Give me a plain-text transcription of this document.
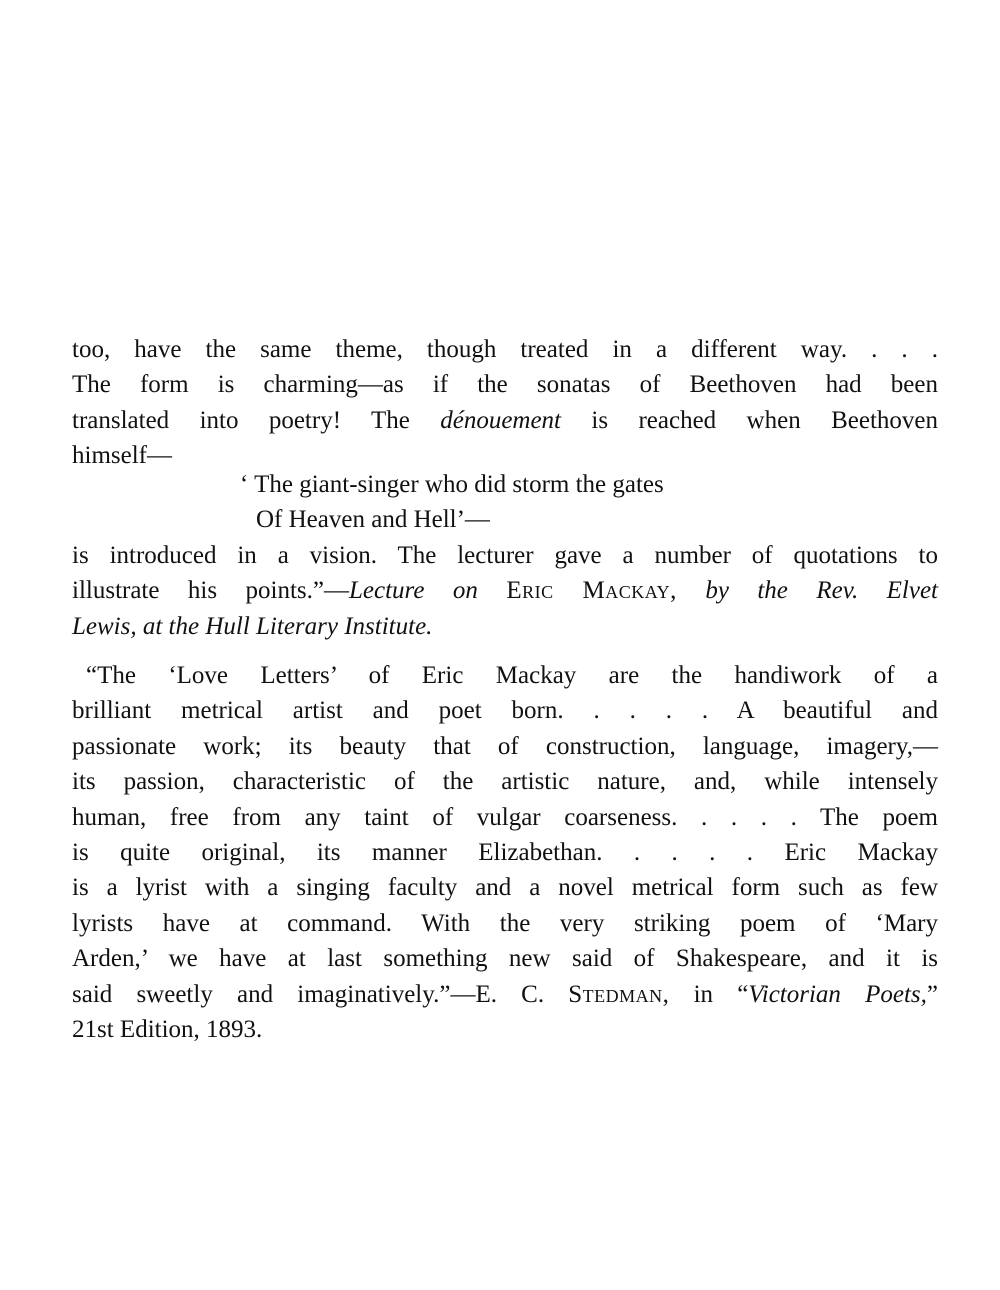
too, have the same theme, though treated in a different way. . . .
The form is charming—as if the sonatas of Beethoven had been
translated into poetry! The dénouement is reached when Beethoven
himself—
‘ The giant-singer who did storm the gates
Of Heaven and Hell’—
is introduced in a vision. The lecturer gave a number of quotations to
illustrate his points.”—Lecture on Eric Mackay, by the Rev. Elvet
Lewis, at the Hull Literary Institute.
“The ‘Love Letters’ of Eric Mackay are the handiwork of a
brilliant metrical artist and poet born. . . . . A beautiful and
passionate work; its beauty that of construction, language, imagery,—
its passion, characteristic of the artistic nature, and, while intensely
human, free from any taint of vulgar coarseness. . . . . The poem
is quite original, its manner Elizabethan. . . . . Eric Mackay
is a lyrist with a singing faculty and a novel metrical form such as few
lyrists have at command. With the very striking poem of ‘Mary
Arden,’ we have at last something new said of Shakespeare, and it is
said sweetly and imaginatively.”—E. C. Stedman, in “Victorian Poets,”
21st Edition, 1893.
